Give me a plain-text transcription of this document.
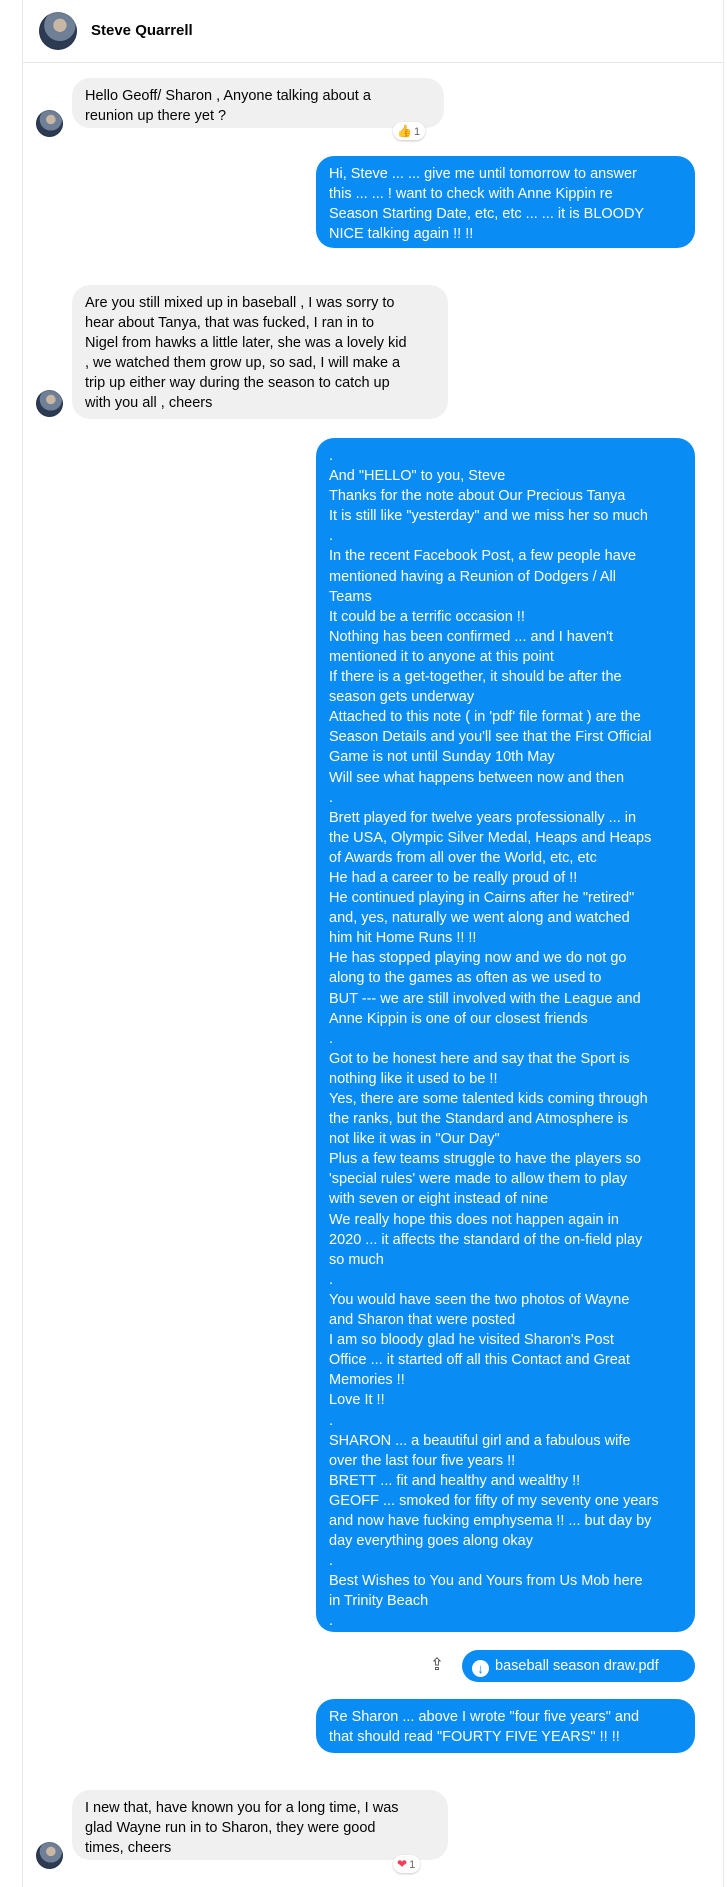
Steve Quarrell
Hello Geoff/ Sharon , Anyone talking about a
reunion up there yet ?
👍 1
Hi, Steve ... ... give me until tomorrow to answer
this ... ... ! want to check with Anne Kippin re
Season Starting Date, etc, etc ... ... it is BLOODY
NICE talking again !! !!
Are you still mixed up in baseball , I was sorry to
hear about Tanya, that was fucked, I ran in to
Nigel from hawks a little later, she was a lovely kid
, we watched them grow up, so sad, I will make a
trip up either way during the season to catch up
with you all , cheers
.
And "HELLO" to you, Steve
Thanks for the note about Our Precious Tanya
It is still like "yesterday" and we miss her so much
.
In the recent Facebook Post, a few people have
mentioned having a Reunion of Dodgers / All
Teams
It could be a terrific occasion !!
Nothing has been confirmed ... and I haven't
mentioned it to anyone at this point
If there is a get-together, it should be after the
season gets underway
Attached to this note ( in 'pdf' file format ) are the
Season Details and you'll see that the First Official
Game is not until Sunday 10th May
Will see what happens between now and then
.
Brett played for twelve years professionally ... in
the USA, Olympic Silver Medal, Heaps and Heaps
of Awards from all over the World, etc, etc
He had a career to be really proud of !!
He continued playing in Cairns after he "retired"
and, yes, naturally we went along and watched
him hit Home Runs !! !!
He has stopped playing now and we do not go
along to the games as often as we used to
BUT --- we are still involved with the League and
Anne Kippin is one of our closest friends
.
Got to be honest here and say that the Sport is
nothing like it used to be !!
Yes, there are some talented kids coming through
the ranks, but the Standard and Atmosphere is
not like it was in "Our Day"
Plus a few teams struggle to have the players so
'special rules' were made to allow them to play
with seven or eight instead of nine
We really hope this does not happen again in
2020 ... it affects the standard of the on-field play
so much
.
You would have seen the two photos of Wayne
and Sharon that were posted
I am so bloody glad he visited Sharon's Post
Office ... it started off all this Contact and Great
Memories !!
Love It !!
.
SHARON ... a beautiful girl and a fabulous wife
over the last four five years !!
BRETT ... fit and healthy and wealthy !!
GEOFF ... smoked for fifty of my seventy one years
and now have fucking emphysema !! ... but day by
day everything goes along okay
.
Best Wishes to You and Yours from Us Mob here
in Trinity Beach
.
⇪	↓ baseball season draw.pdf
Re Sharon ... above I wrote "four five years" and
that should read "FOURTY FIVE YEARS" !! !!
I new that, have known you for a long time, I was
glad Wayne run in to Sharon, they were good
times, cheers
❤ 1
